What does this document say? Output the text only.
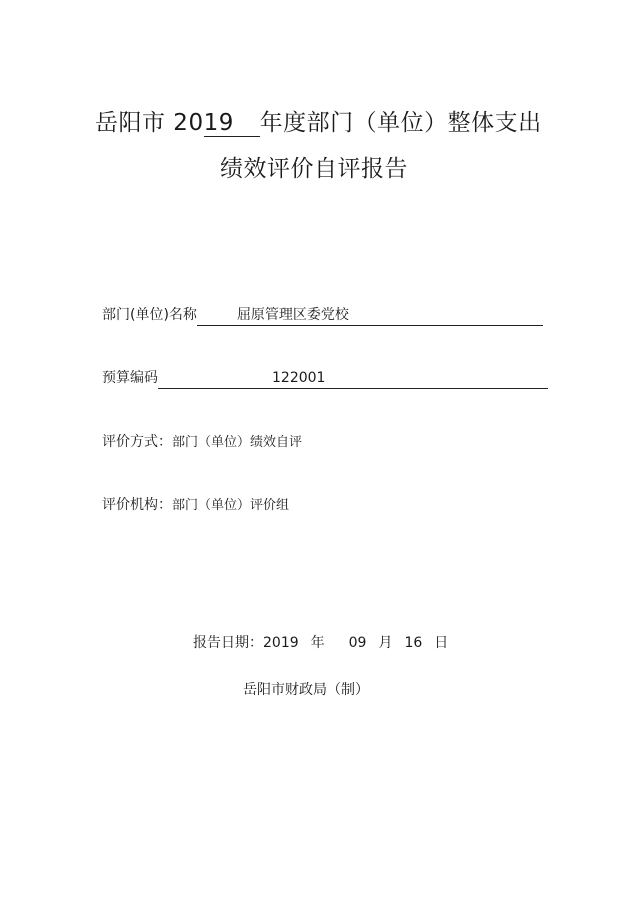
岳阳市 2019 年度部门（单位）整体支出
绩效评价自评报告
部门(单位)名称	屈原管理区委党校
预算编码	122001
评价方式：部门（单位）绩效自评
评价机构：部门（单位）评价组
报告日期：2019 年 09 月 16 日
岳阳市财政局（制）
